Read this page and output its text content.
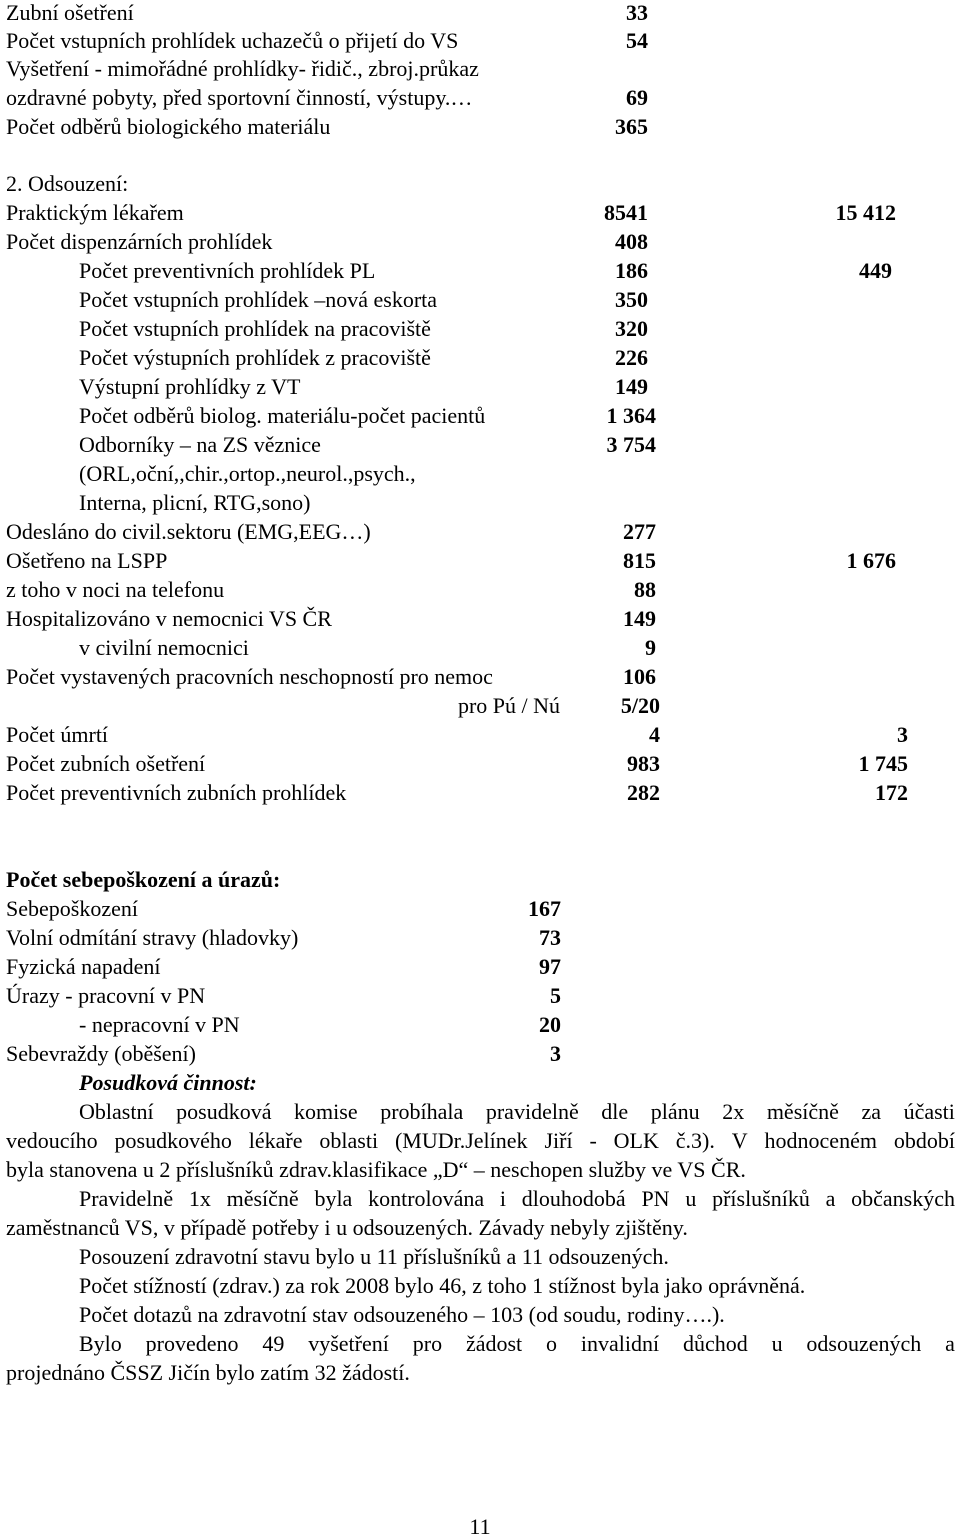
Zubní ošetření	33
Počet vstupních prohlídek uchazečů o přijetí do VS	54
Vyšetření - mimořádné prohlídky- řidič., zbroj.průkaz
ozdravné pobyty, před sportovní činností, výstupy.…	69
Počet odběrů biologického materiálu	365
2. Odsouzení:
Praktickým lékařem	8541	15 412
Počet dispenzárních prohlídek	408
Počet preventivních prohlídek PL	186	449
Počet vstupních prohlídek –nová eskorta	350
Počet vstupních prohlídek na pracoviště	320
Počet výstupních prohlídek z pracoviště	226
Výstupní prohlídky z VT	149
Počet odběrů biolog. materiálu-počet pacientů	1 364
Odborníky – na ZS věznice	3 754
(ORL,oční,,chir.,ortop.,neurol.,psych.,
Interna, plicní, RTG,sono)
Odesláno do civil.sektoru (EMG,EEG…)	277
Ošetřeno na LSPP	815	1 676
z toho v noci na telefonu	88
Hospitalizováno v nemocnici VS ČR	149
v civilní nemocnici	9
Počet vystavených pracovních neschopností pro nemoc	106
pro Pú / Nú	5/20
Počet úmrtí	4	3
Počet zubních ošetření	983	1 745
Počet preventivních zubních prohlídek	282	172
Počet sebepoškození a úrazů:
Sebepoškození	167
Volní odmítání stravy (hladovky)	73
Fyzická napadení	97
Úrazy - pracovní v PN	5
- nepracovní v PN	20
Sebevraždy (oběšení)	3
Posudková činnost:
Oblastní posudková komise probíhala pravidelně dle plánu 2x měsíčně za účasti
vedoucího posudkového lékaře oblasti (MUDr.Jelínek Jiří - OLK č.3). V hodnoceném období
byla stanovena u 2 příslušníků zdrav.klasifikace „D“ – neschopen služby ve VS ČR.
Pravidelně 1x měsíčně byla kontrolována i dlouhodobá PN u příslušníků a občanských
zaměstnanců VS, v případě potřeby i u odsouzených. Závady nebyly zjištěny.
Posouzení zdravotní stavu bylo u 11 příslušníků a 11 odsouzených.
Počet stížností (zdrav.) za rok 2008 bylo 46, z toho 1 stížnost byla jako oprávněná.
Počet dotazů na zdravotní stav odsouzeného – 103 (od soudu, rodiny….).
Bylo provedeno 49 vyšetření pro žádost o invalidní důchod u odsouzených a
projednáno ČSSZ Jičín bylo zatím 32 žádostí.
11
